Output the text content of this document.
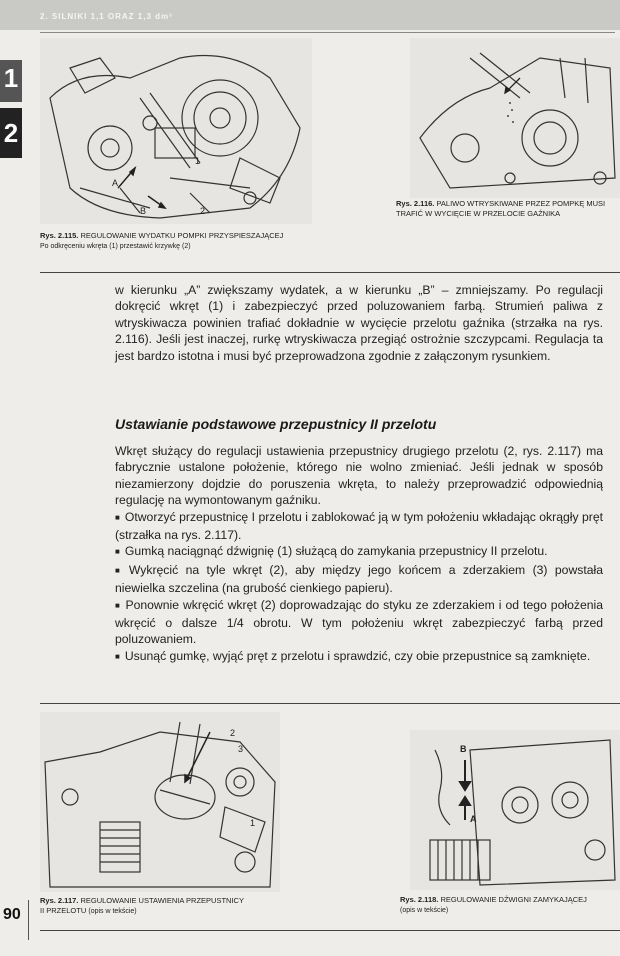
2. SILNIKI 1,1 ORAZ 1,3 dm³
1
2
1
A
B	2
Rys. 2.115. REGULOWANIE WYDATKU POMPKI PRZYSPIESZAJĄCEJ
Po odkręceniu wkręta (1) przestawić krzywkę (2)
Rys. 2.116. PALIWO WTRYSKIWANE PRZEZ POMPKĘ MUSI
TRAFIĆ W WYCIĘCIE W PRZELOCIE GAŹNIKA

w kierunku „A” zwiększamy wydatek, a w kierunku „B” – zmniejszamy. Po regulacji dokręcić wkręt (1) i zabezpieczyć przed poluzowaniem farbą. Strumień paliwa z wtryskiwacza powinien trafiać dokładnie w wycięcie przelotu gaźnika (strzałka na rys. 2.116). Jeśli jest inaczej, rurkę wtryskiwacza przegiąć ostrożnie szczypcami. Regulacja ta jest bardzo istotna i musi być przeprowadzona zgodnie z załączonym rysunkiem.

Ustawianie podstawowe przepustnicy II przelotu

Wkręt służący do regulacji ustawienia przepustnicy drugiego przelotu (2, rys. 2.117) ma fabrycznie ustalone położenie, którego nie wolno zmieniać. Jeśli jednak w sposób niezamierzony dojdzie do poruszenia wkręta, to należy przeprowadzić odpowiednią regulację na wymontowanym gaźniku.

■ Otworzyć przepustnicę I przelotu i zablokować ją w tym położeniu wkładając okrągły pręt (strzałka na rys. 2.117).

■ Gumką naciągnąć dźwignię (1) służącą do zamykania przepustnicy II przelotu.

■ Wykręcić na tyle wkręt (2), aby między jego końcem a zderzakiem (3) powstała niewielka szczelina (na grubość cienkiego papieru).

■ Ponownie wkręcić wkręt (2) doprowadzając do styku ze zderzakiem i od tego położenia wkręcić o dalsze 1/4 obrotu. W tym położeniu wkręt zabezpieczyć farbą przed poluzowaniem.

■ Usunąć gumkę, wyjąć pręt z przelotu i sprawdzić, czy obie przepustnice są zamknięte.

2
3
1
Rys. 2.117. REGULOWANIE USTAWIENIA PRZEPUSTNICY
II PRZELOTU (opis w tekście)
B
A
Rys. 2.118. REGULOWANIE DŹWIGNI ZAMYKAJĄCEJ
(opis w tekście)
90
